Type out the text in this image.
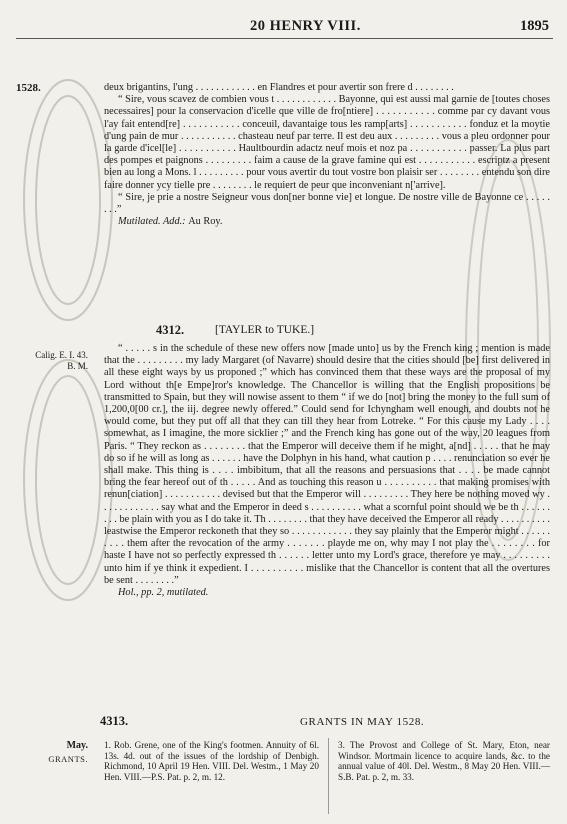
20 HENRY VIII.	1895
1528.	deux brigantins, l'ung . . . . . . . . . . . . en Flandres et pour avertir son frere d . . . . . . . .

“ Sire, vous scavez de combien vous t . . . . . . . . . . . . Bayonne, qui est aussi mal garnie de [toutes choses necessaires] pour la conservacion d'icelle que ville de fro[ntiere] . . . . . . . . . . . comme par cy davant vous l'ay fait entend[re] . . . . . . . . . . . conceuil, davantaige tous les ramp[arts] . . . . . . . . . . . fonduz et la moytie d'ung pain de mur . . . . . . . . . . . chasteau neuf par terre. Il est deu aux . . . . . . . . . vous a pleu ordonner pour la garde d'icel[le] . . . . . . . . . . . Haultbourdin adactz neuf mois et noz pa . . . . . . . . . . . passer. La plus part des pompes et paignons . . . . . . . . . faim a cause de la grave famine qui est . . . . . . . . . . . escriptz a present bien au long a Mons. l . . . . . . . . . pour vous avertir du tout vostre bon plaisir ser . . . . . . . . entendu son dire faire donner ycy tielle pre . . . . . . . . le requiert de peur que inconveniant n['arrive].

“ Sire, je prie a nostre Seigneur vous don[ner bonne vie] et longue. De nostre ville de Bayonne ce . . . . . . . .”

Mutilated. Add.: Au Roy.

4312.	[TAYLER to TUKE.]
Calig. E. I. 43.
B. M.

“ . . . . . s in the schedule of these new offers now [made unto] us by the French king ; mention is made that the . . . . . . . . . my lady Margaret (of Navarre) should desire that the cities should [be] first delivered in all these eight ways by us proponed ;” which has convinced them that these ways are the proposal of my Lord without th[e Empe]ror's knowledge. The Chancellor is willing that the English propositions be transmitted to Spain, but they will nowise assent to them “ if we do [not] bring the money to the full sum of 1,200,0[00 cr.], the iij. degree newly offered.” Could send for Ichyngham well enough, and doubts not he would come, but they put off all that they can till they hear from Lotreke. “ For this cause my Lady . . . . somewhat, as I imagine, the more sicklier ;” and the French king has gone out of the way, 20 leagues from Paris. “ They reckon as . . . . . . . . that the Emperor will deceive them if he might, a[nd] . . . . . that he may do so if he will as long as . . . . . . have the Dolphyn in his hand, what caution p . . . . renunciation so ever he shall make. This thing is . . . . imbibitum, that all the reasons and persuasions that . . . . be made cannot bring the fear hereof out of th . . . . . And as touching this reason u . . . . . . . . . . that making promises with renun[ciation] . . . . . . . . . . . devised but that the Emperor will . . . . . . . . . They here be nothing moved wy . . . . . . . . . . . . say what and the Emperor in deed s . . . . . . . . . . what a scornful point should we be th . . . . . . . . . be plain with you as I do take it. Th . . . . . . . . that they have deceived the Emperor all ready . . . . . . . . . . leastwise the Emperor reckoneth that they so . . . . . . . . . . . . they say plainly that the Emperor might . . . . . . . . . . them after the revocation of the army . . . . . . . playde me on, why may I not play the . . . . . . . . for haste I have not so perfectly expressed th . . . . . . letter unto my Lord's grace, therefore ye may . . . . . . . . . unto him if ye think it expedient. I . . . . . . . . . . mislike that the Chancellor is content that all the overtures be sent . . . . . . . .”

Hol., pp. 2, mutilated.

4313.	GRANTS IN MAY 1528.
May.
GRANTS.
1. Rob. Grene, one of the King's footmen. Annuity of 6l. 13s. 4d. out of the issues of the lordship of Denbigh. Richmond, 10 April 19 Hen. VIII. Del. Westm., 1 May 20 Hen. VIII.—P.S. Pat. p. 2, m. 12.
3. The Provost and College of St. Mary, Eton, near Windsor. Mortmain licence to acquire lands, &c. to the annual value of 40l. Del. Westm., 8 May 20 Hen. VIII.—S.B. Pat. p. 2, m. 33.
